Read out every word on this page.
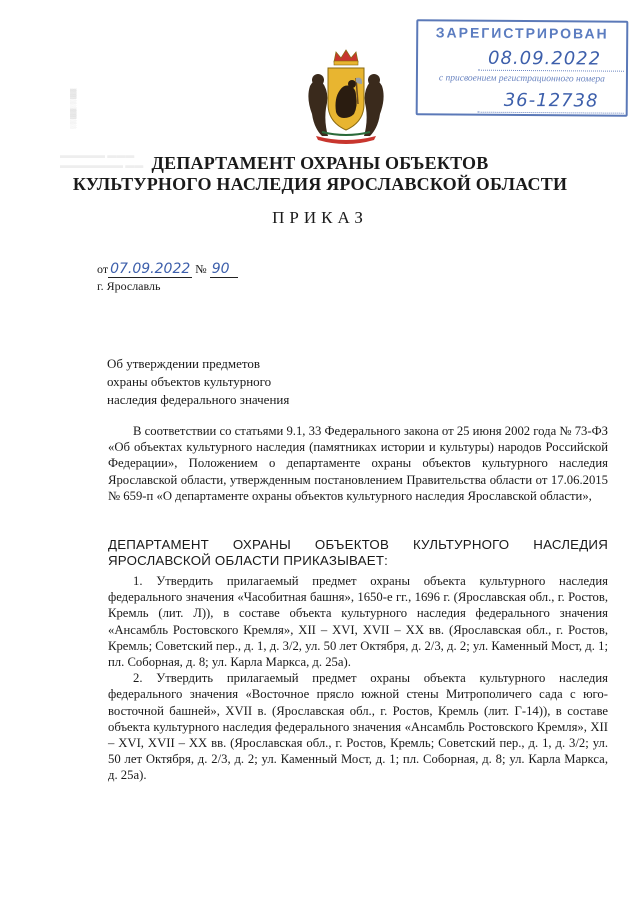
▓
▒
▓
▒
▬▬▬▬▬ ▬▬▬
▬▬▬▬▬▬▬ ▬▬
ЗАРЕГИСТРИРОВАН
08.09.2022
с присвоением регистрационного номера
36-12738
ДЕПАРТАМЕНТ ОХРАНЫ ОБЪЕКТОВ
КУЛЬТУРНОГО НАСЛЕДИЯ ЯРОСЛАВСКОЙ ОБЛАСТИ
ПРИКАЗ
от 07.09.2022 № 90
г. Ярославль
Об утверждении предметов
охраны объектов культурного
наследия федерального значения

В соответствии со статьями 9.1, 33 Федерального закона от 25 июня 2002 года № 73-ФЗ «Об объектах культурного наследия (памятниках истории и культуры) народов Российской Федерации», Положением о департаменте охраны объектов культурного наследия Ярославской области, утвержденным постановлением Правительства области от 17.06.2015 № 659-п «О департаменте охраны объектов культурного наследия Ярославской области»,

ДЕПАРТАМЕНТ ОХРАНЫ ОБЪЕКТОВ КУЛЬТУРНОГО НАСЛЕДИЯ ЯРОСЛАВСКОЙ ОБЛАСТИ ПРИКАЗЫВАЕТ:

1. Утвердить прилагаемый предмет охраны объекта культурного наследия федерального значения «Часобитная башня», 1650-е гг., 1696 г. (Ярославская обл., г. Ростов, Кремль (лит. Л)), в составе объекта культурного наследия федерального значения «Ансамбль Ростовского Кремля», XII – XVI, XVII – XX вв. (Ярославская обл., г. Ростов, Кремль; Советский пер., д. 1, д. 3/2, ул. 50 лет Октября, д. 2/3, д. 2; ул. Каменный Мост, д. 1; пл. Соборная, д. 8; ул. Карла Маркса, д. 25а).

2. Утвердить прилагаемый предмет охраны объекта культурного наследия федерального значения «Восточное прясло южной стены Митрополичего сада с юго-восточной башней», XVII в. (Ярославская обл., г. Ростов, Кремль (лит. Г-14)), в составе объекта культурного наследия федерального значения «Ансамбль Ростовского Кремля», XII – XVI, XVII – XX вв. (Ярославская обл., г. Ростов, Кремль; Советский пер., д. 1, д. 3/2; ул. 50 лет Октября, д. 2/3, д. 2; ул. Каменный Мост, д. 1; пл. Соборная, д. 8; ул. Карла Маркса, д. 25а).
